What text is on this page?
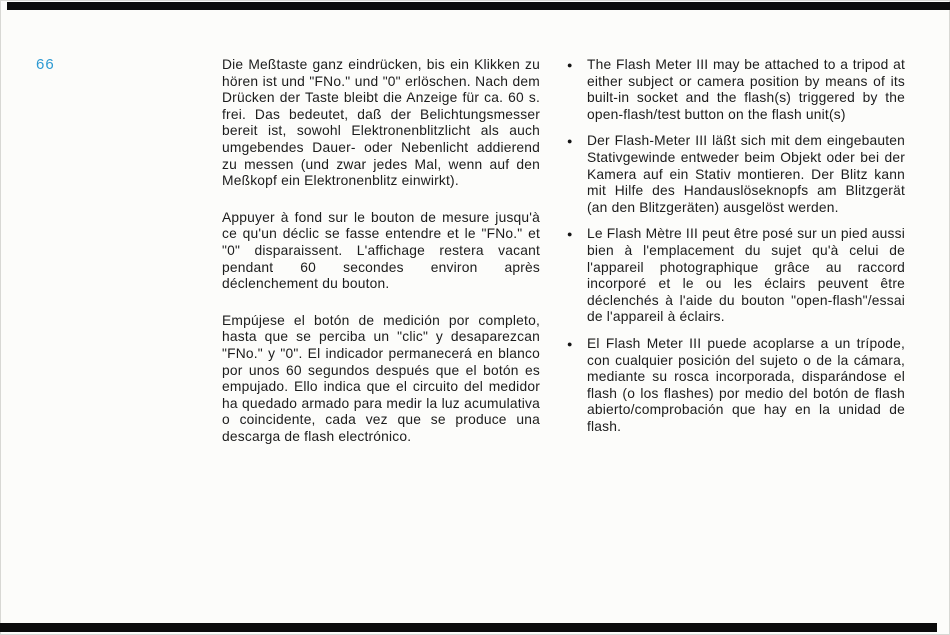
66	Die Meßtaste ganz eindrücken, bis ein Klikken zu hören ist und "FNo." und "0" erlöschen. Nach dem Drücken der Taste bleibt die Anzeige für ca. 60 s. frei. Das bedeutet, daß der Belichtungsmesser bereit ist, sowohl Elektronenblitzlicht als auch umgebendes Dauer- oder Nebenlicht addierend zu messen (und zwar jedes Mal, wenn auf den Meßkopf ein Elektronenblitz einwirkt).

Appuyer à fond sur le bouton de mesure jusqu'à ce qu'un déclic se fasse entendre et le "FNo." et "0" disparaissent. L'affichage restera vacant pendant 60 secondes environ après déclenchement du bouton.

Empújese el botón de medición por completo, hasta que se perciba un "clic" y desaparezcan "FNo." y "0". El indicador permanecerá en blanco por unos 60 segundos después que el botón es empujado. Ello indica que el circuito del medidor ha quedado armado para medir la luz acumulativa o coincidente, cada vez que se produce una descarga de flash electrónico.

●	The Flash Meter III may be attached to a tripod at either subject or camera position by means of its built-in socket and the flash(s) triggered by the open-flash/test button on the flash unit(s)

●	Der Flash-Meter III läßt sich mit dem eingebauten Stativgewinde entweder beim Objekt oder bei der Kamera auf ein Stativ montieren. Der Blitz kann mit Hilfe des Handauslöseknopfs am Blitzgerät (an den Blitzgeräten) ausgelöst werden.

●	Le Flash Mètre III peut être posé sur un pied aussi bien à l'emplacement du sujet qu'à celui de l'appareil photographique grâce au raccord incorporé et le ou les éclairs peuvent être déclenchés à l'aide du bouton "open-flash"/essai de l'appareil à éclairs.

●	El Flash Meter III puede acoplarse a un trípode, con cualquier posición del sujeto o de la cámara, mediante su rosca incorporada, disparándose el flash (o los flashes) por medio del botón de flash abierto/comprobación que hay en la unidad de flash.
